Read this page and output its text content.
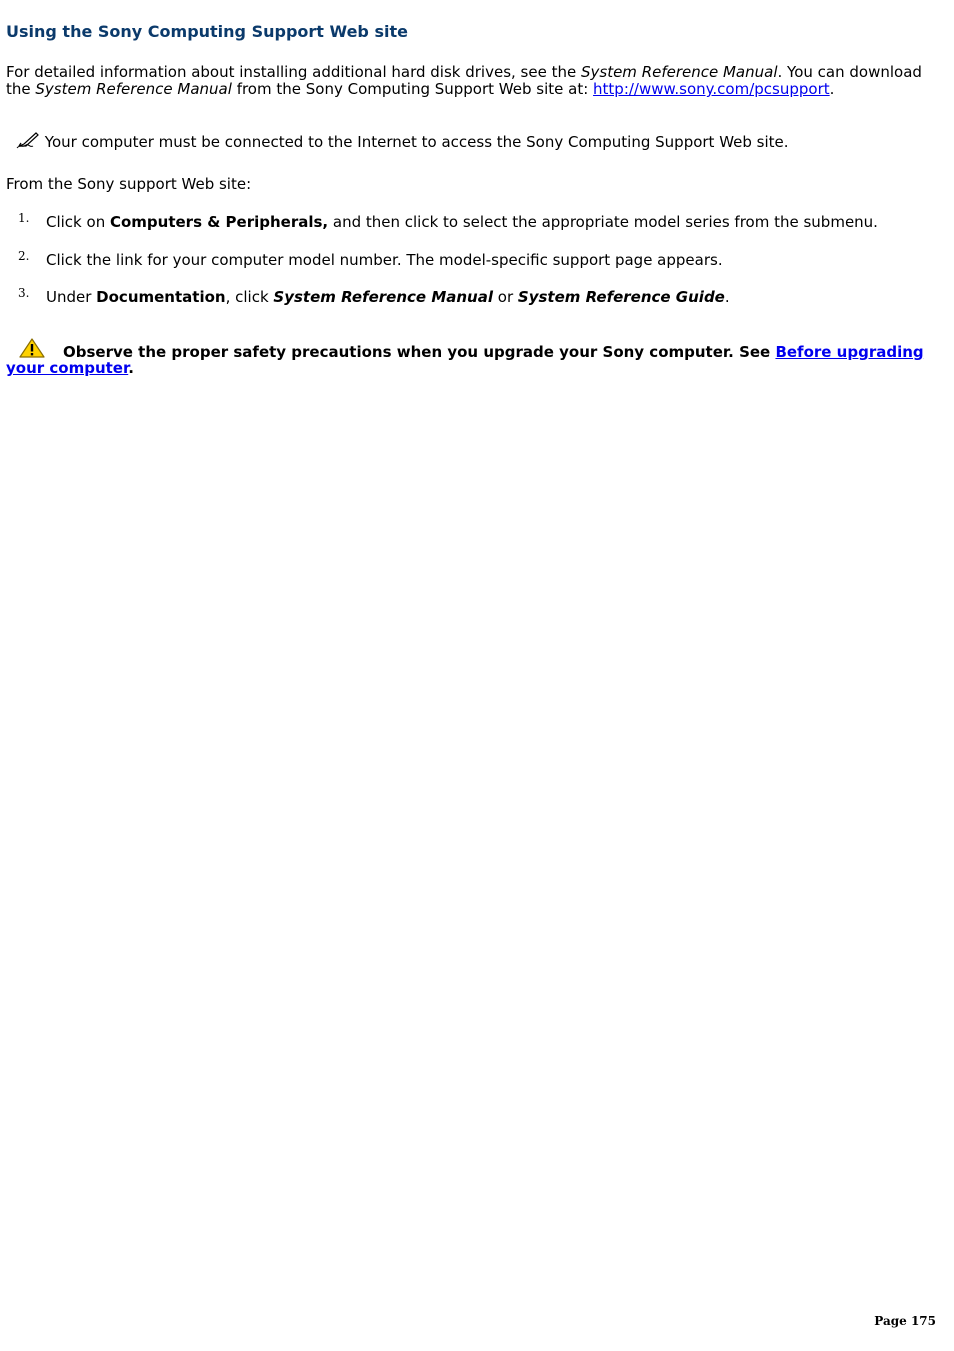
Using the Sony Computing Support Web site

For detailed information about installing additional hard disk drives, see the System Reference Manual. You can download the System Reference Manual from the Sony Computing Support Web site at: http://www.sony.com/pcsupport.

Your computer must be connected to the Internet to access the Sony Computing Support Web site.

From the Sony support Web site:

1. Click on Computers & Peripherals, and then click to select the appropriate model series from the submenu.
2. Click the link for your computer model number. The model-specific support page appears.
3. Under Documentation, click System Reference Manual or System Reference Guide.

Observe the proper safety precautions when you upgrade your Sony computer. See Before upgrading your computer.

Page 175
